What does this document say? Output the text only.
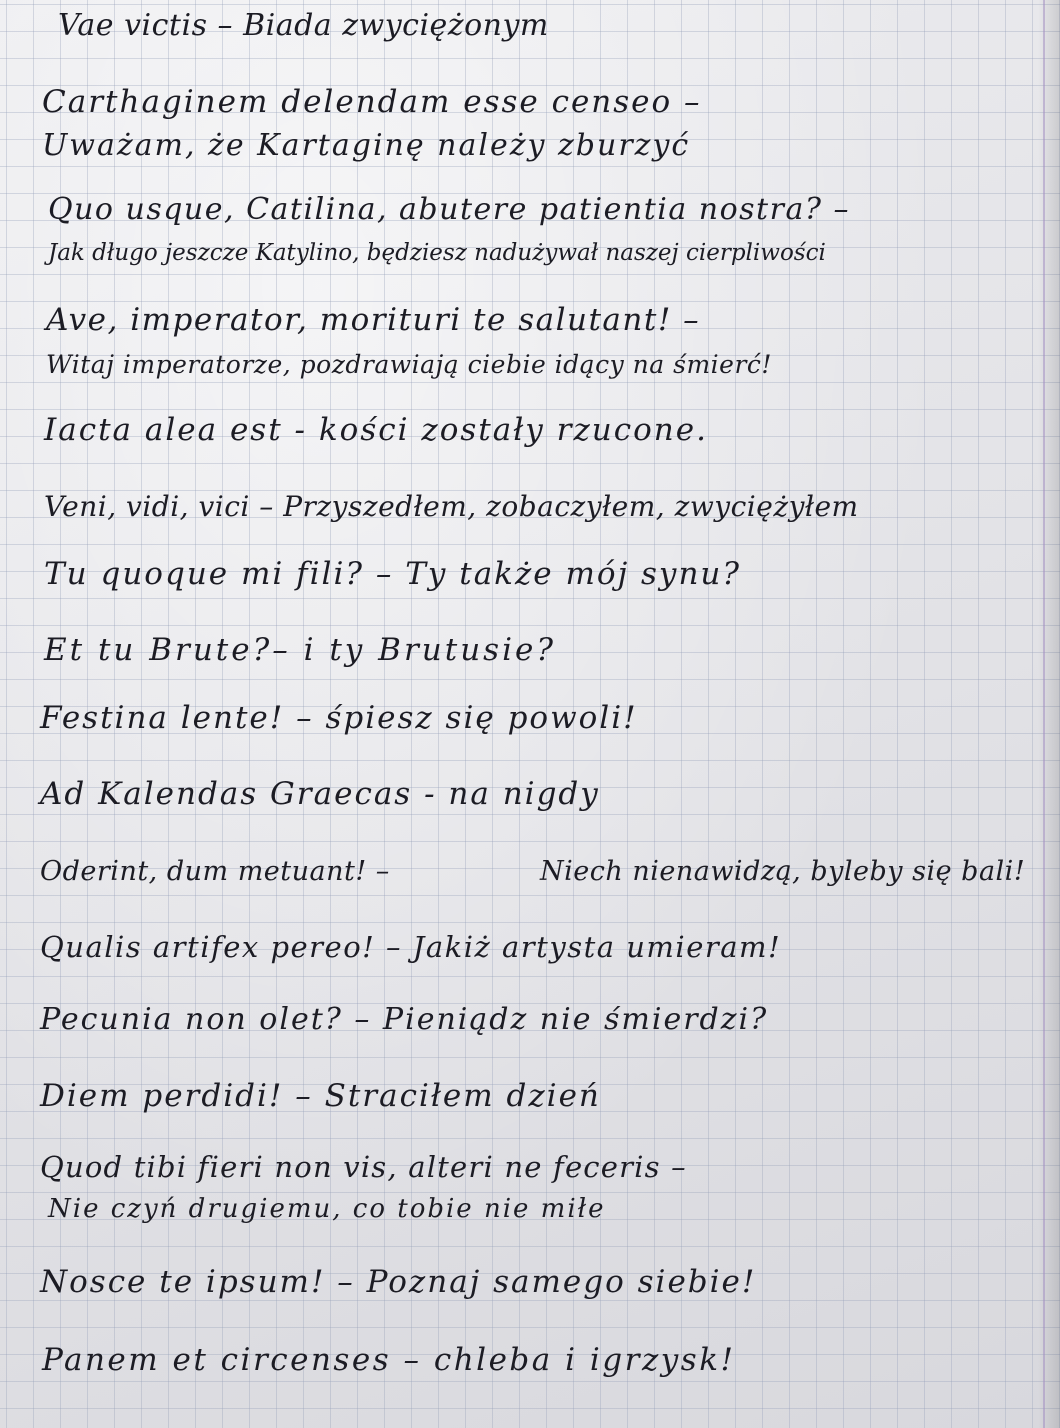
Vae victis – Biada zwyciężonym
Carthaginem delendam esse censeo –
Uważam, że Kartaginę należy zburzyć
Quo usque, Catilina, abutere patientia nostra? –
Jak długo jeszcze Katylino, będziesz nadużywał naszej cierpliwości
Ave, imperator, morituri te salutant! –
Witaj imperatorze, pozdrawiają ciebie idący na śmierć!
Iacta alea est - kości zostały rzucone.
Veni, vidi, vici – Przyszedłem, zobaczyłem, zwyciężyłem
Tu quoque mi fili? – Ty także mój synu?
Et tu Brute?– i ty Brutusie?
Festina lente! – śpiesz się powoli!
Ad Kalendas Graecas - na nigdy
Oderint, dum metuant! –	Niech nienawidzą, byleby się bali!
Qualis artifex pereo! – Jakiż artysta umieram!
Pecunia non olet? – Pieniądz nie śmierdzi?
Diem perdidi! – Straciłem dzień
Quod tibi fieri non vis, alteri ne feceris –
Nie czyń drugiemu, co tobie nie miłe
Nosce te ipsum! – Poznaj samego siebie!
Panem et circenses – chleba i igrzysk!
